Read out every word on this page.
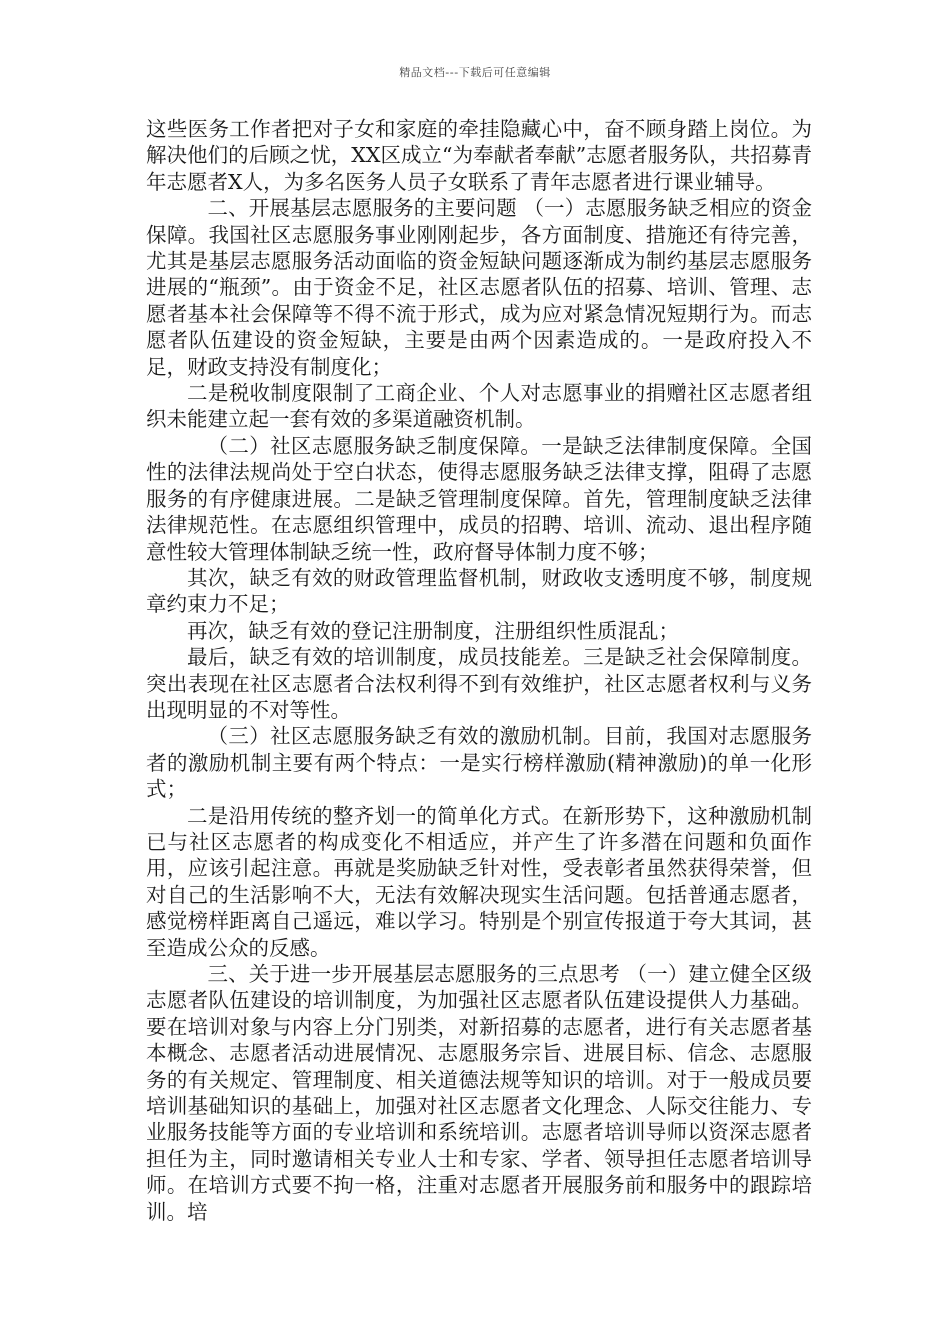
精品文档---下载后可任意编辑

这些医务工作者把对子女和家庭的牵挂隐藏心中，奋不顾身踏上岗位。为解决他们的后顾之忧，XX区成立“为奉献者奉献”志愿者服务队，共招募青年志愿者X人，为多名医务人员子女联系了青年志愿者进行课业辅导。

二、开展基层志愿服务的主要问题 （一）志愿服务缺乏相应的资金保障。我国社区志愿服务事业刚刚起步，各方面制度、措施还有待完善，尤其是基层志愿服务活动面临的资金短缺问题逐渐成为制约基层志愿服务进展的“瓶颈”。由于资金不足，社区志愿者队伍的招募、培训、管理、志愿者基本社会保障等不得不流于形式，成为应对紧急情况短期行为。而志愿者队伍建设的资金短缺，主要是由两个因素造成的。一是政府投入不足，财政支持没有制度化；

二是税收制度限制了工商企业、个人对志愿事业的捐赠社区志愿者组织未能建立起一套有效的多渠道融资机制。

（二）社区志愿服务缺乏制度保障。一是缺乏法律制度保障。全国性的法律法规尚处于空白状态，使得志愿服务缺乏法律支撑，阻碍了志愿服务的有序健康进展。二是缺乏管理制度保障。首先，管理制度缺乏法律法律规范性。在志愿组织管理中，成员的招聘、培训、流动、退出程序随意性较大管理体制缺乏统一性，政府督导体制力度不够；

其次，缺乏有效的财政管理监督机制，财政收支透明度不够，制度规章约束力不足；

再次，缺乏有效的登记注册制度，注册组织性质混乱；

最后，缺乏有效的培训制度，成员技能差。三是缺乏社会保障制度。突出表现在社区志愿者合法权利得不到有效维护，社区志愿者权利与义务出现明显的不对等性。

（三）社区志愿服务缺乏有效的激励机制。目前，我国对志愿服务者的激励机制主要有两个特点：一是实行榜样激励(精神激励)的单一化形式；

二是沿用传统的整齐划一的简单化方式。在新形势下，这种激励机制已与社区志愿者的构成变化不相适应，并产生了许多潜在问题和负面作用，应该引起注意。再就是奖励缺乏针对性，受表彰者虽然获得荣誉，但对自己的生活影响不大，无法有效解决现实生活问题。包括普通志愿者，感觉榜样距离自己遥远，难以学习。特别是个别宣传报道于夸大其词，甚至造成公众的反感。

三、关于进一步开展基层志愿服务的三点思考 （一）建立健全区级志愿者队伍建设的培训制度，为加强社区志愿者队伍建设提供人力基础。要在培训对象与内容上分门别类，对新招募的志愿者，进行有关志愿者基本概念、志愿者活动进展情况、志愿服务宗旨、进展目标、信念、志愿服务的有关规定、管理制度、相关道德法规等知识的培训。对于一般成员要培训基础知识的基础上，加强对社区志愿者文化理念、人际交往能力、专业服务技能等方面的专业培训和系统培训。志愿者培训导师以资深志愿者担任为主，同时邀请相关专业人士和专家、学者、领导担任志愿者培训导师。在培训方式要不拘一格，注重对志愿者开展服务前和服务中的跟踪培训。培
